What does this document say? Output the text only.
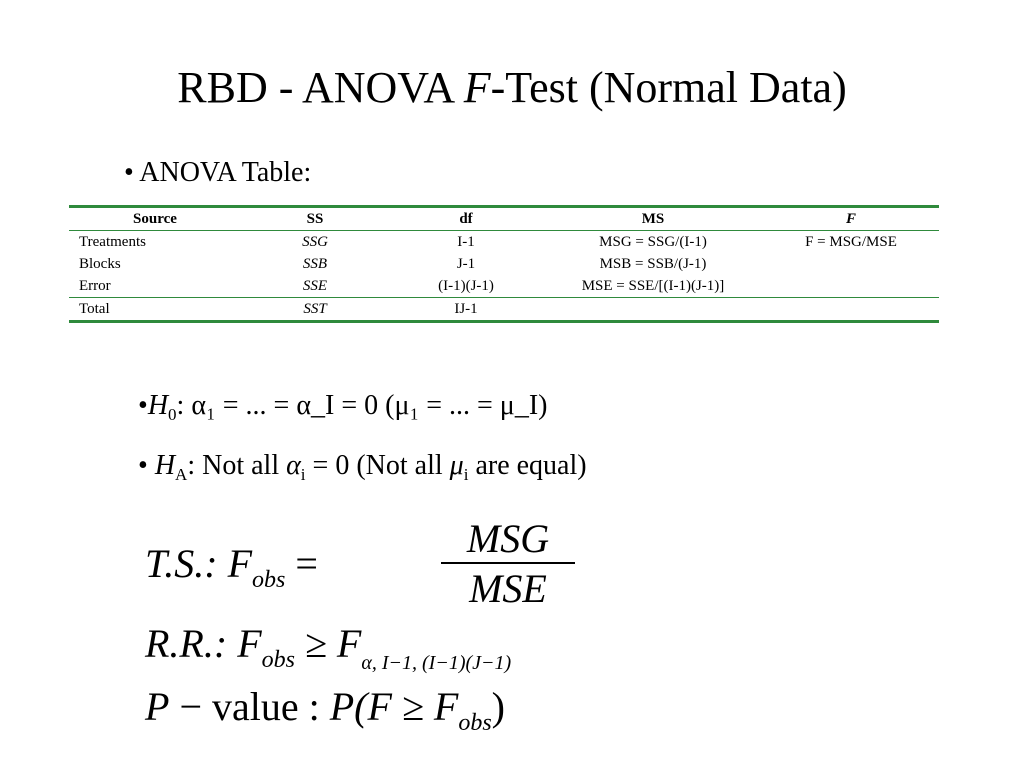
RBD - ANOVA F-Test (Normal Data)
• ANOVA Table:
Source	SS	df	MS	F
Treatments	SSG	I-1	MSG = SSG/(I-1)	F = MSG/MSE
Blocks	SSB	J-1	MSB = SSB/(J-1)	
Error	SSE	(I-1)(J-1)	MSE = SSE/[(I-1)(J-1)]	
Total	SST	IJ-1		
$•H_0$: α₁ = ... = α_I = 0 (μ₁ = ... = μ_I)
• $H_A$: Not all $\alpha_i = 0$ (Not all $\mu_i$ are equal)
T.S.: $F_{obs}$ =
MSG
MSE
R.R.: $F_{obs} \ge F_{\alpha, I-1, (I-1)(J-1)}$
P − value : $P(F \ge F_{obs})$
